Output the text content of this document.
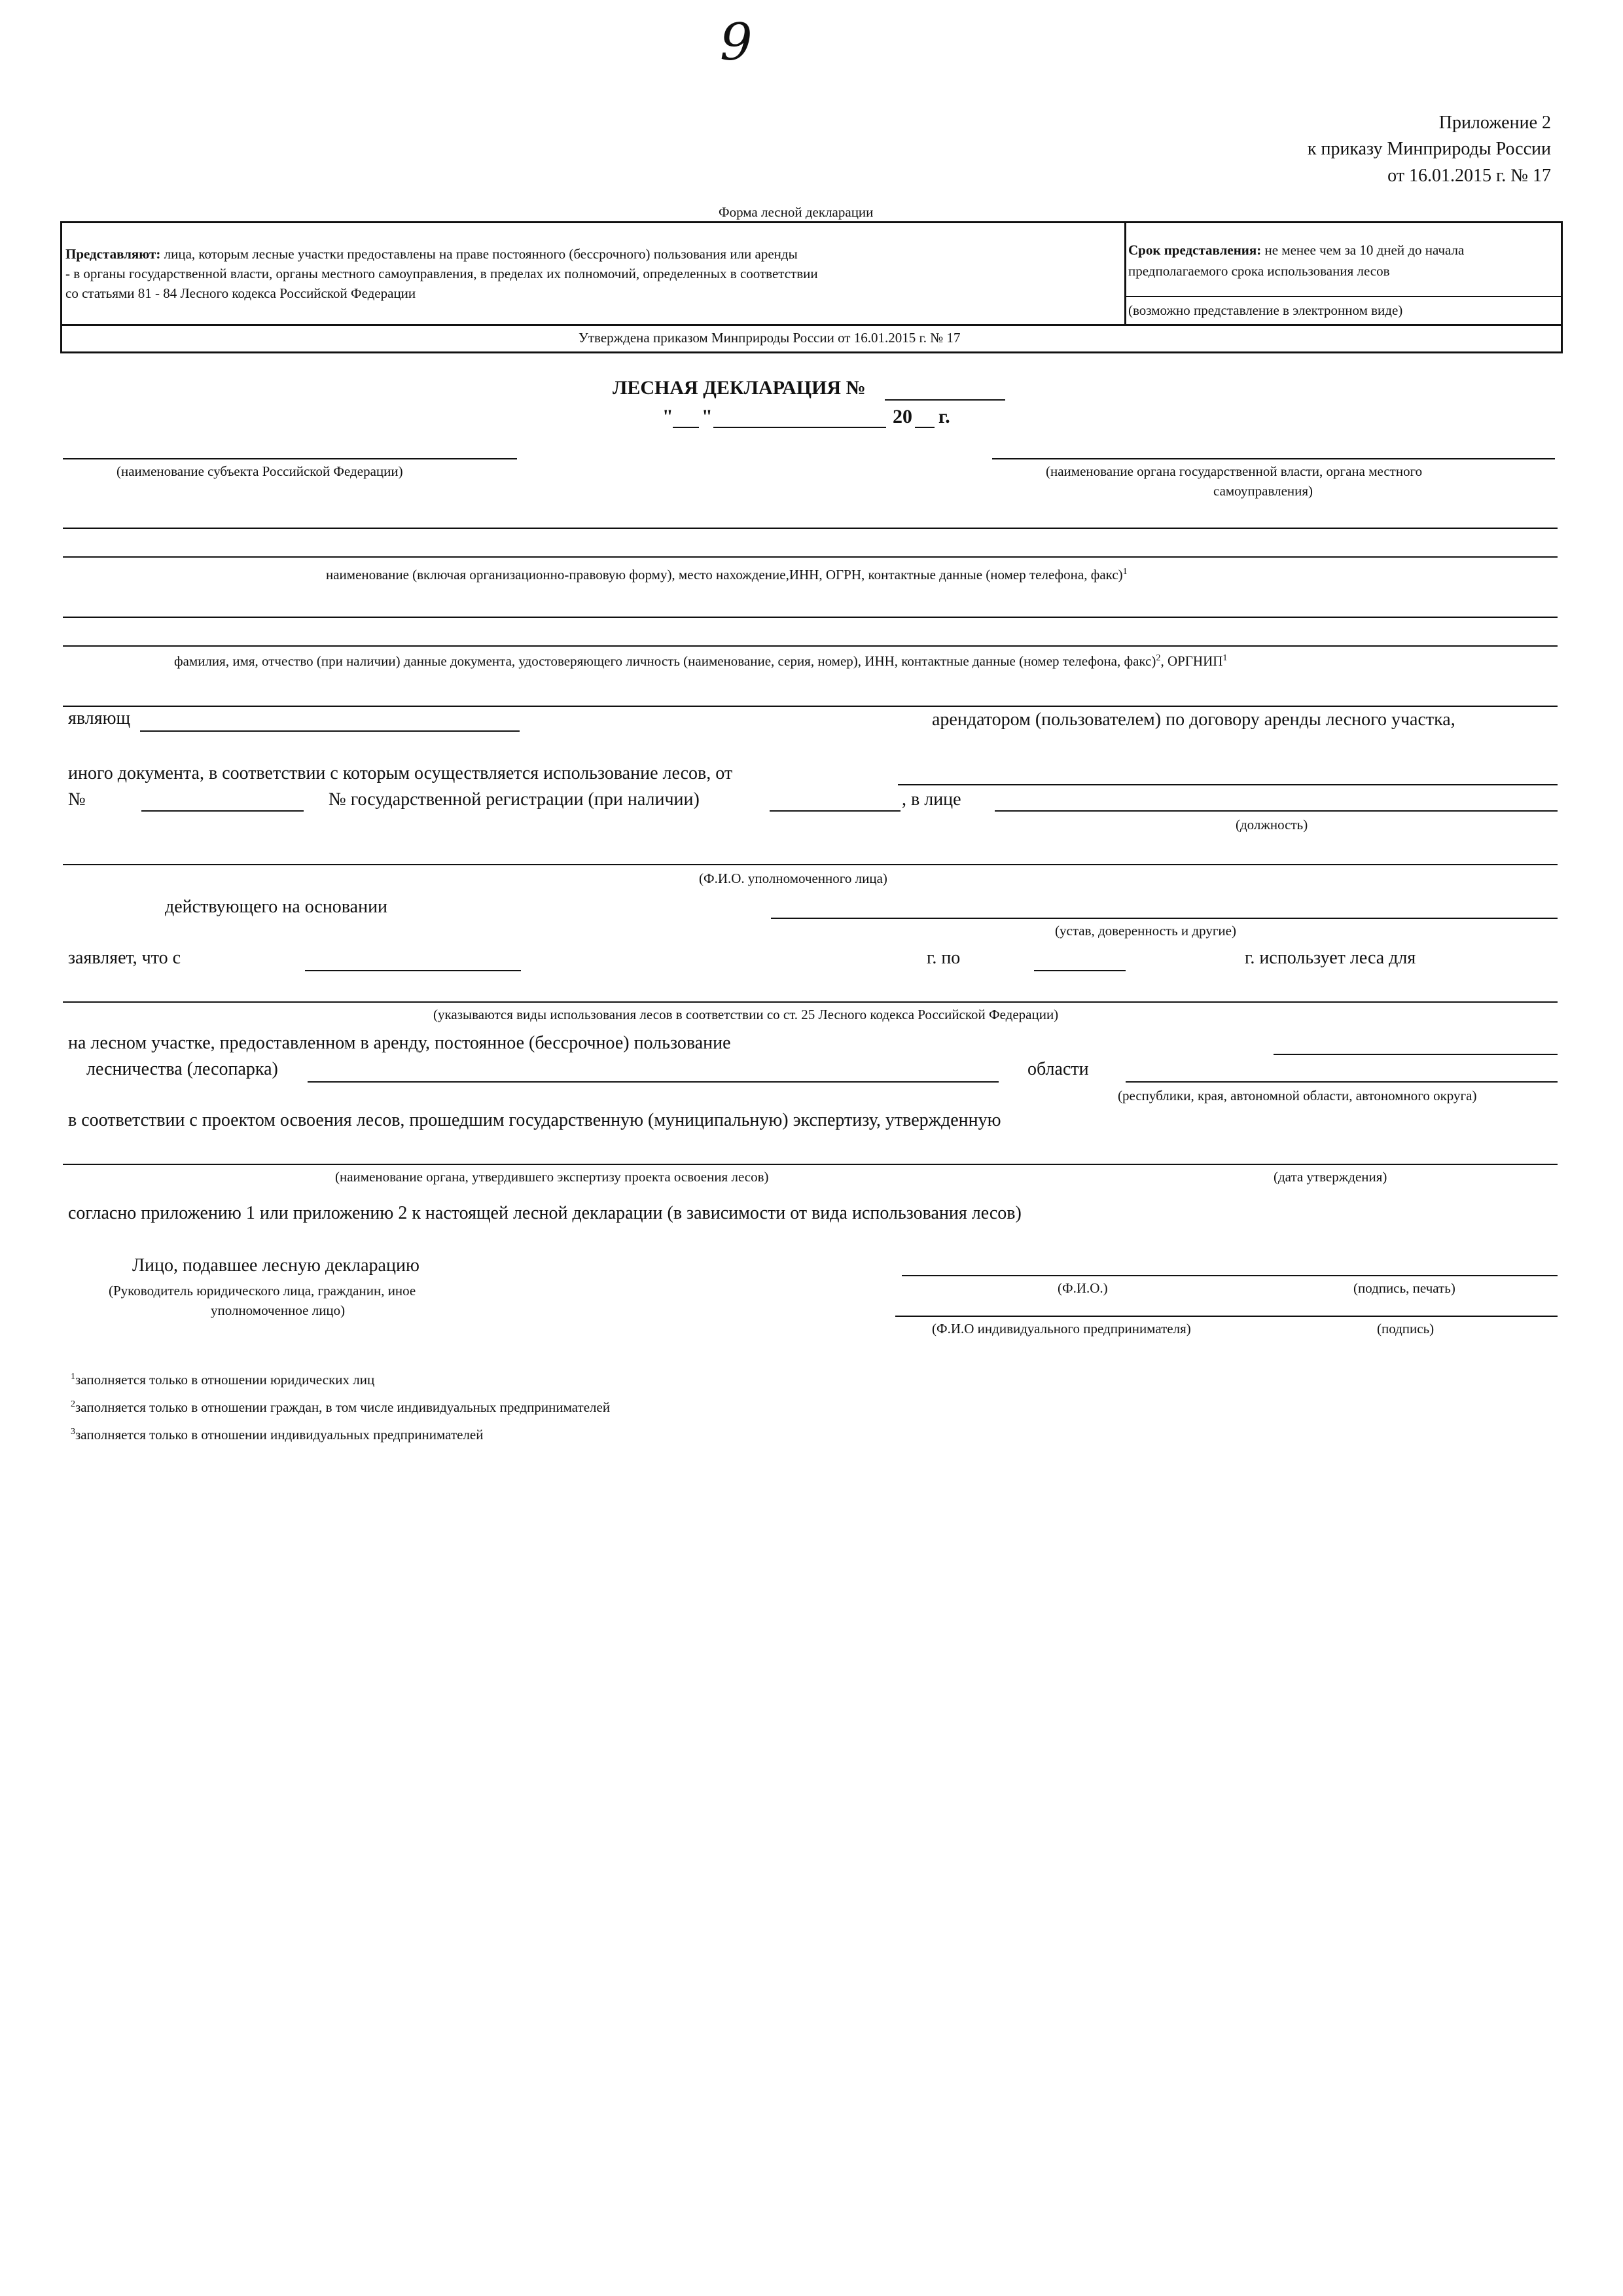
9
Приложение 2
к приказу Минприроды России
от 16.01.2015 г. № 17
Форма лесной декларации
Представляют: лица, которым лесные участки предоставлены на праве постоянного (бессрочного) пользования или аренды
- в органы государственной власти, органы местного самоуправления, в пределах их полномочий, определенных в соответствии
со статьями 81 - 84 Лесного кодекса Российской Федерации
Срок представления: не менее чем за 10 дней до начала
предполагаемого срока использования лесов
(возможно представление в электронном виде)
Утверждена приказом Минприроды России от 16.01.2015 г. № 17
ЛЕСНАЯ ДЕКЛАРАЦИЯ №
" "	20 г.
(наименование субъекта Российской Федерации)	(наименование органа государственной власти, органа местного
самоуправления)
наименование (включая организационно-правовую форму), место нахождение,ИНН, ОГРН, контактные данные (номер телефона, факс)$^1$
фамилия, имя, отчество (при наличии) данные документа, удостоверяющего личность (наименование, серия, номер), ИНН, контактные данные (номер телефона, факс)$^2$, ОРГНИП$^1$
являющ	арендатором (пользователем) по договору аренды лесного участка,
иного документа, в соответствии с которым осуществляется использование лесов, от
№	№ государственной регистрации (при наличии)	, в лице
(должность)
(Ф.И.О. уполномоченного лица)
действующего на основании
(устав, доверенность и другие)
заявляет, что с	г. по	г. использует леса для
(указываются виды использования лесов в соответствии со ст. 25 Лесного кодекса Российской Федерации)
на лесном участке, предоставленном в аренду, постоянное (бессрочное) пользование
лесничества (лесопарка)	области
(республики, края, автономной области, автономного округа)
в соответствии с проектом освоения лесов, прошедшим государственную (муниципальную) экспертизу, утвержденную
(наименование органа, утвердившего экспертизу проекта освоения лесов)	(дата утверждения)
согласно приложению 1 или приложению 2 к настоящей лесной декларации (в зависимости от вида использования лесов)
Лицо, подавшее лесную декларацию
(Руководитель юридического лица, гражданин, иное
уполномоченное лицо)
(Ф.И.О.)	(подпись, печать)
(Ф.И.О индивидуального предпринимателя)	(подпись)
$^1$заполняется только в отношении юридических лиц
$^2$заполняется только в отношении граждан, в том числе индивидуальных предпринимателей
$^3$заполняется только в отношении индивидуальных предпринимателей
